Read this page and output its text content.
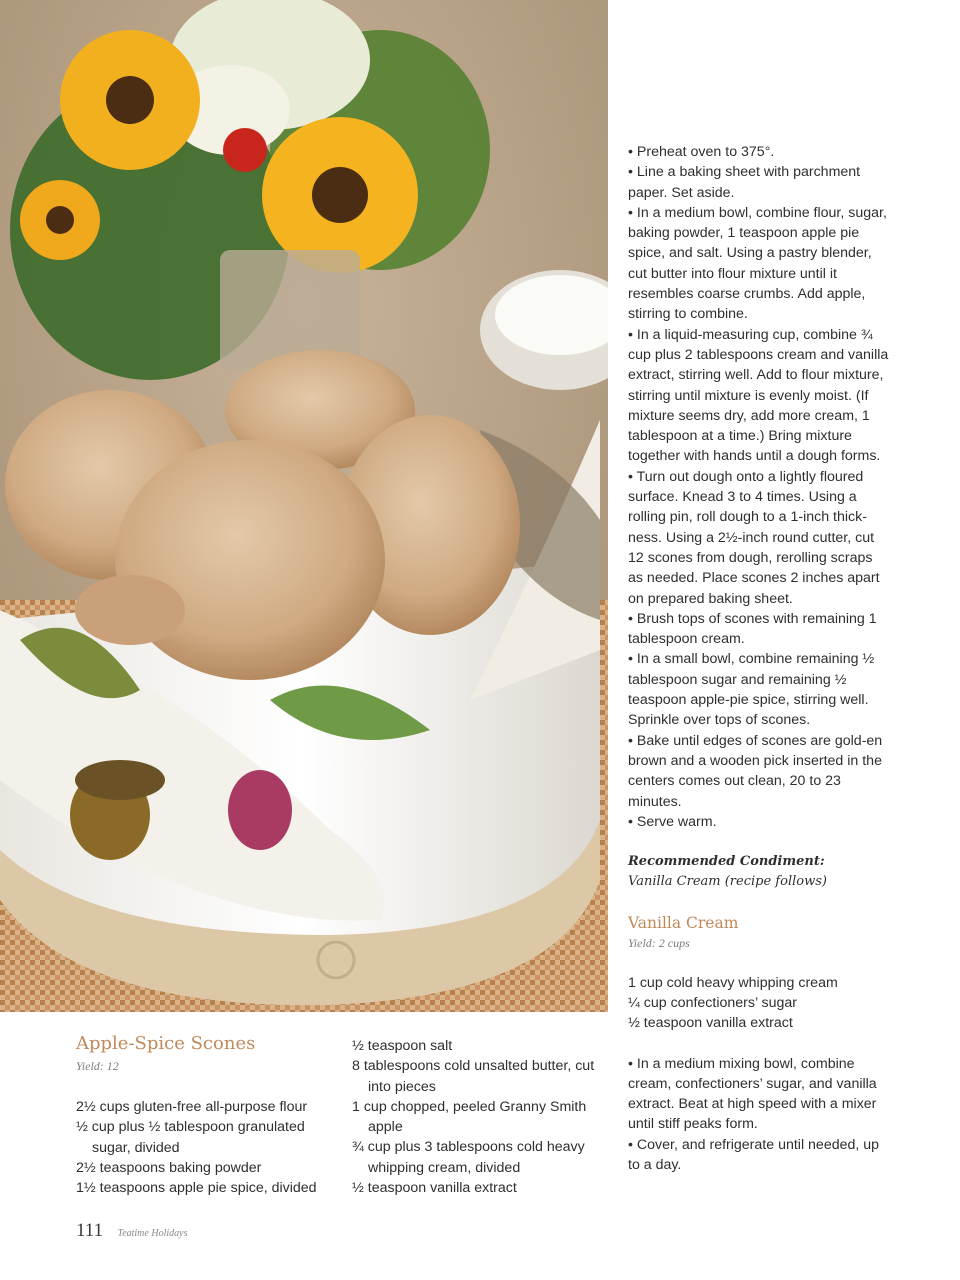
• Preheat oven to 375°.

• Line a baking sheet with parchment paper. Set aside.

• In a medium bowl, combine flour, sugar, baking powder, 1 teaspoon apple pie spice, and salt. Using a pastry blender, cut butter into flour mixture until it resembles coarse crumbs. Add apple, stirring to combine.

• In a liquid-measuring cup, combine ¾ cup plus 2 tablespoons cream and vanilla extract, stirring well. Add to flour mixture, stirring until mixture is evenly moist. (If mixture seems dry, add more cream, 1 tablespoon at a time.) Bring mixture together with hands until a dough forms.

• Turn out dough onto a lightly floured surface. Knead 3 to 4 times. Using a rolling pin, roll dough to a 1-inch thick-ness. Using a 2½-inch round cutter, cut 12 scones from dough, rerolling scraps as needed. Place scones 2 inches apart on prepared baking sheet.

• Brush tops of scones with remaining 1 tablespoon cream.

• In a small bowl, combine remaining ½ tablespoon sugar and remaining ½ teaspoon apple-pie spice, stirring well. Sprinkle over tops of scones.

• Bake until edges of scones are gold-en brown and a wooden pick inserted in the centers comes out clean, 20 to 23 minutes.

• Serve warm.

Recommended Condiment:

Vanilla Cream (recipe follows)

Vanilla Cream

Yield: 2 cups

1 cup cold heavy whipping cream

¼ cup confectioners’ sugar

½ teaspoon vanilla extract

• In a medium mixing bowl, combine cream, confectioners’ sugar, and vanilla extract. Beat at high speed with a mixer until stiff peaks form.

• Cover, and refrigerate until needed, up to a day.

Apple-Spice Scones
Yield: 12
2½ cups gluten-free all-purpose flour
½ cup plus ½ tablespoon granulated sugar, divided
2½ teaspoons baking powder
1½ teaspoons apple pie spice, divided
½ teaspoon salt
8 tablespoons cold unsalted butter, cut into pieces
1 cup chopped, peeled Granny Smith apple
¾ cup plus 3 tablespoons cold heavy whipping cream, divided
½ teaspoon vanilla extract
111 Teatime Holidays
